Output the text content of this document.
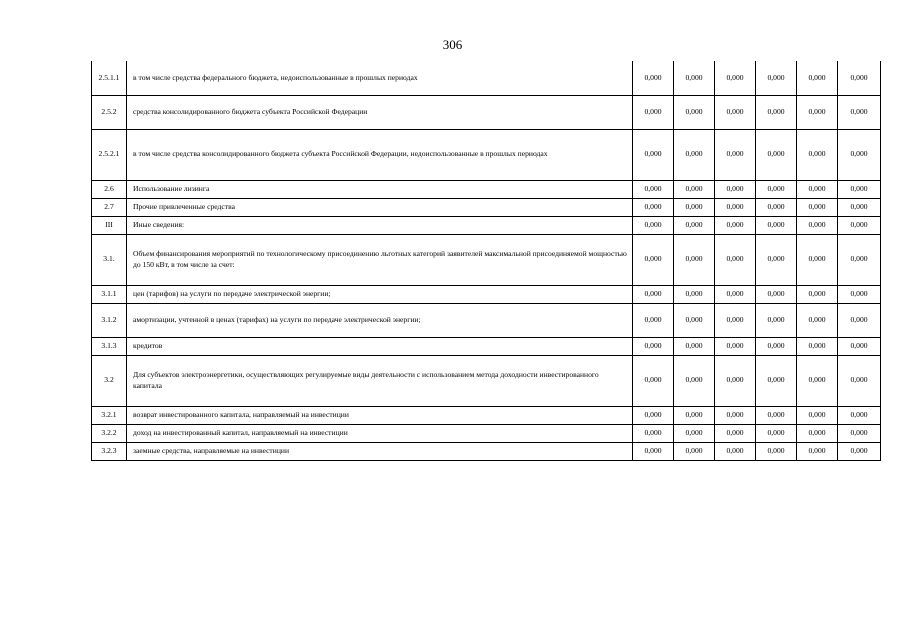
306
2.5.1.1	в том числе средства федерального бюджета, недоиспользованные в прошлых периодах	0,000	0,000	0,000	0,000	0,000	0,000
2.5.2	средства консолидированного бюджета субъекта Российской Федерации	0,000	0,000	0,000	0,000	0,000	0,000
2.5.2.1	в том числе средства консолидированного бюджета субъекта Российской Федерации, недоиспользованные в прошлых периодах	0,000	0,000	0,000	0,000	0,000	0,000
2.6	Использование лизинга	0,000	0,000	0,000	0,000	0,000	0,000
2.7	Прочие привлеченные средства	0,000	0,000	0,000	0,000	0,000	0,000
III	Иные сведения:	0,000	0,000	0,000	0,000	0,000	0,000
3.1.	Объем финансирования мероприятий по технологическому присоединению льготных категорий заявителей максимальной присоединяемой мощностью до 150 кВт, в том числе за счет:	0,000	0,000	0,000	0,000	0,000	0,000
3.1.1	цен (тарифов) на услуги по передаче электрической энергии;	0,000	0,000	0,000	0,000	0,000	0,000
3.1.2	амортизации, учтенной в ценах (тарифах) на услуги по передаче электрической энергии;	0,000	0,000	0,000	0,000	0,000	0,000
3.1.3	кредитов	0,000	0,000	0,000	0,000	0,000	0,000
3.2	Для субъектов электроэнергетики, осуществляющих регулируемые виды деятельности с использованием метода доходности инвестированного капитала	0,000	0,000	0,000	0,000	0,000	0,000
3.2.1	возврат инвестированного капитала, направляемый на инвестиции	0,000	0,000	0,000	0,000	0,000	0,000
3.2.2	доход на инвестированный капитал, направляемый на инвестиции	0,000	0,000	0,000	0,000	0,000	0,000
3.2.3	заемные средства, направляемые на инвестиции	0,000	0,000	0,000	0,000	0,000	0,000
